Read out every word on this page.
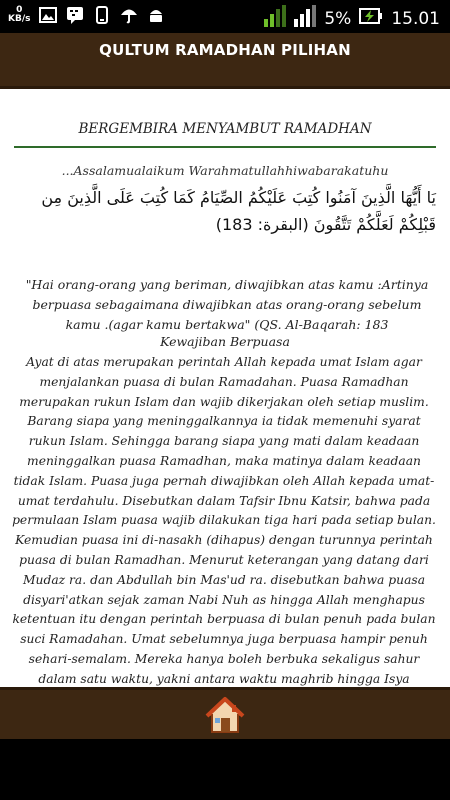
0
KB/s	5% 15.01
QULTUM RAMADHAN PILIHAN
BERGEMBIRA MENYAMBUT RAMADHAN
...Assalamualaikum Warahmatullahhiwabarakatuhu
يَا أَيُّهَا الَّذِينَ آمَنُوا كُتِبَ عَلَيْكُمُ الصِّيَامُ كَمَا كُتِبَ عَلَى الَّذِينَ مِن قَبْلِكُمْ لَعَلَّكُمْ تَتَّقُونَ (البقرة: 183)
"Hai orang-orang yang beriman, diwajibkan atas kamu :Artinya berpuasa sebagaimana diwajibkan atas orang-orang sebelum kamu .(agar kamu bertakwa" (QS. Al-Baqarah: 183
Kewajiban Berpuasa
Ayat di atas merupakan perintah Allah kepada umat Islam agar menjalankan puasa di bulan Ramadahan. Puasa Ramadhan merupakan rukun Islam dan wajib dikerjakan oleh setiap muslim. Barang siapa yang meninggalkannya ia tidak memenuhi syarat rukun Islam. Sehingga barang siapa yang mati dalam keadaan meninggalkan puasa Ramadhan, maka matinya dalam keadaan tidak Islam. Puasa juga pernah diwajibkan oleh Allah kepada umat-umat terdahulu. Disebutkan dalam Tafsir Ibnu Katsir, bahwa pada permulaan Islam puasa wajib dilakukan tiga hari pada setiap bulan. Kemudian puasa ini di-nasakh (dihapus) dengan turunnya perintah puasa di bulan Ramadhan. Menurut keterangan yang datang dari Mudaz ra. dan Abdullah bin Mas'ud ra. disebutkan bahwa puasa disyari'atkan sejak zaman Nabi Nuh as hingga Allah menghapus ketentuan itu dengan perintah berpuasa di bulan penuh pada bulan suci Ramadahan. Umat sebelumnya juga berpuasa hampir penuh sehari-semalam. Mereka hanya boleh berbuka sekaligus sahur dalam satu waktu, yakni antara waktu maghrib hingga Isya
